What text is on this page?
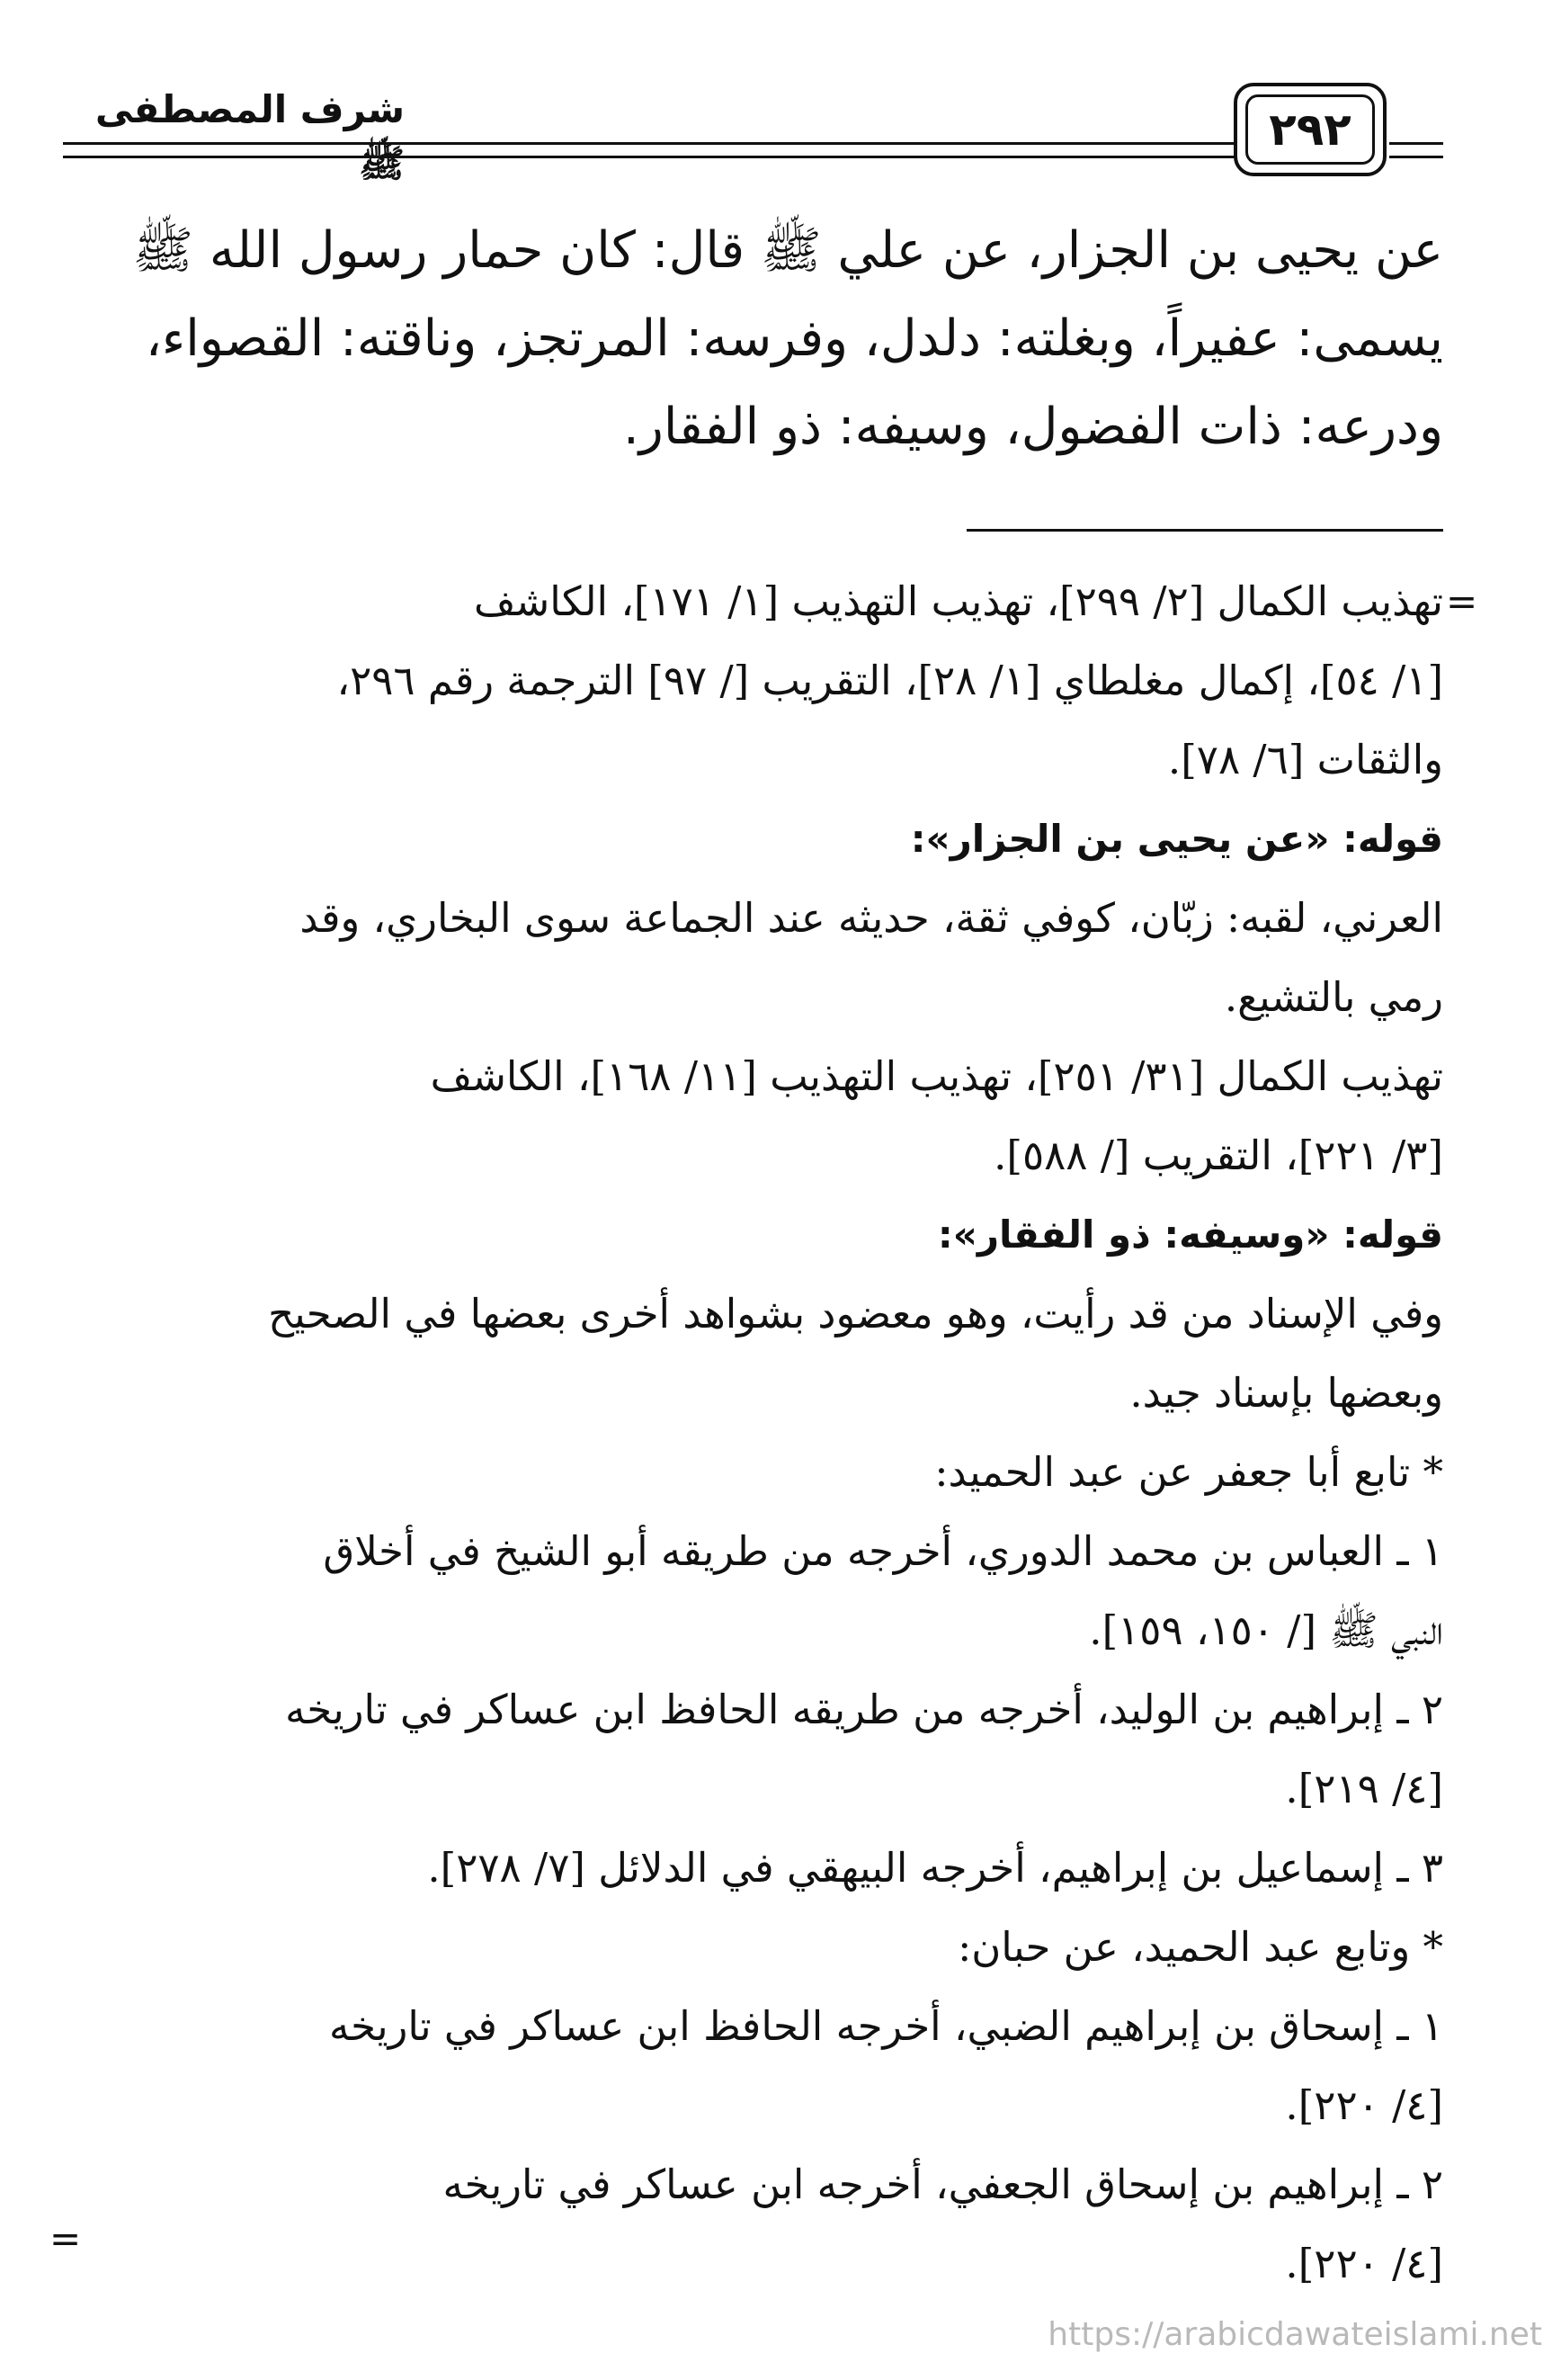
شرف المصطفى ﷺ
٢٩٢

عن يحيى بن الجزار، عن علي ﷺ قال: كان حمار رسول الله ﷺ

يسمى: عفيراً، وبغلته: دلدل، وفرسه: المرتجز، وناقته: القصواء،

ودرعه: ذات الفضول، وسيفه: ذو الفقار.

=

تهذيب الكمال [٢/ ٢٩٩]، تهذيب التهذيب [١/ ١٧١]، الكاشف

[١/ ٥٤]، إكمال مغلطاي [١/ ٢٨]، التقريب [/ ٩٧] الترجمة رقم ٢٩٦،

والثقات [٦/ ٧٨].

قوله: «عن يحيى بن الجزار»:

العرني، لقبه: زبّان، كوفي ثقة، حديثه عند الجماعة سوى البخاري، وقد

رمي بالتشيع.

تهذيب الكمال [٣١/ ٢٥١]، تهذيب التهذيب [١١/ ١٦٨]، الكاشف

[٣/ ٢٢١]، التقريب [/ ٥٨٨].

قوله: «وسيفه: ذو الفقار»:

وفي الإسناد من قد رأيت، وهو معضود بشواهد أخرى بعضها في الصحيح

وبعضها بإسناد جيد.

* تابع أبا جعفر عن عبد الحميد:

١ ـ العباس بن محمد الدوري، أخرجه من طريقه أبو الشيخ في أخلاق

النبي ﷺ [/ ١٥٠، ١٥٩].

٢ ـ إبراهيم بن الوليد، أخرجه من طريقه الحافظ ابن عساكر في تاريخه

[٤/ ٢١٩].

٣ ـ إسماعيل بن إبراهيم، أخرجه البيهقي في الدلائل [٧/ ٢٧٨].

* وتابع عبد الحميد، عن حبان:

١ ـ إسحاق بن إبراهيم الضبي، أخرجه الحافظ ابن عساكر في تاريخه

[٤/ ٢٢٠].

٢ ـ إبراهيم بن إسحاق الجعفي، أخرجه ابن عساكر في تاريخه

[٤/ ٢٢٠].

=
https://arabicdawateislami.net
